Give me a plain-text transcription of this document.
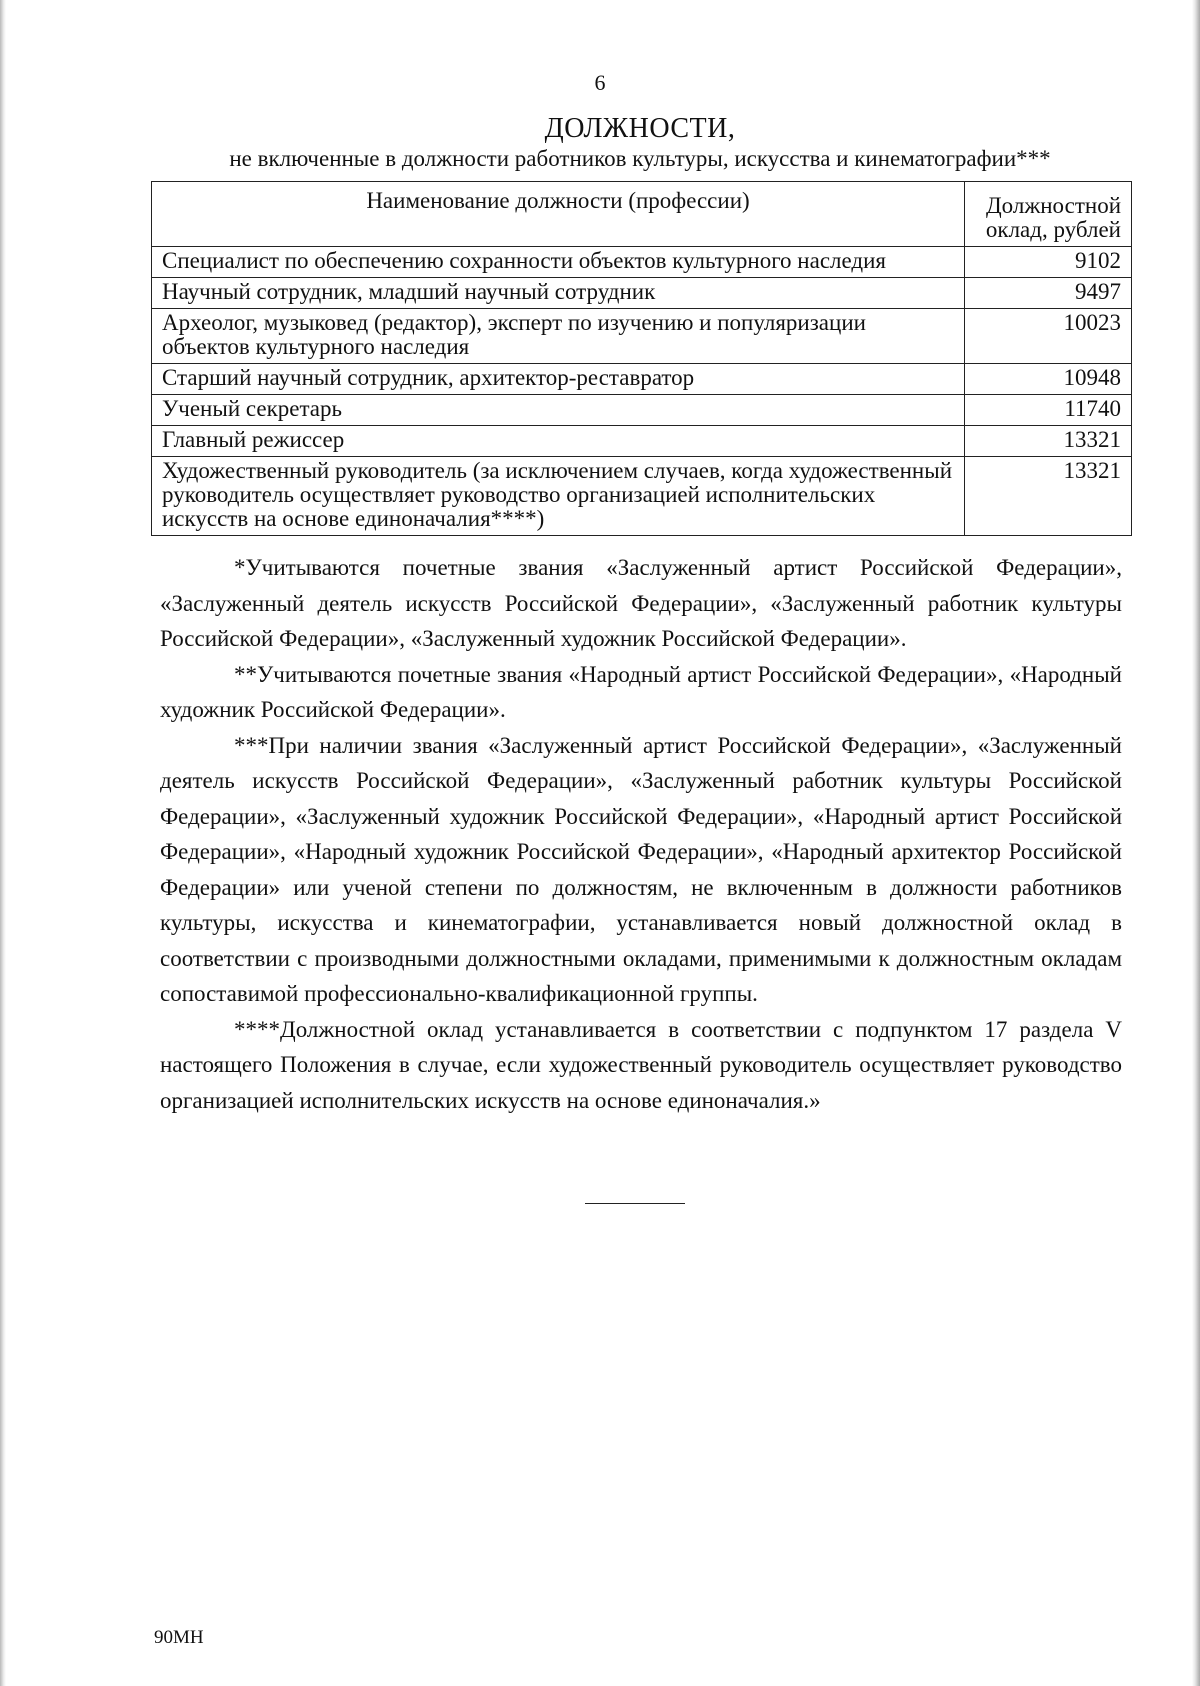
6
ДОЛЖНОСТИ,
не включенные в должности работников культуры, искусства и кинематографии***
Наименование должности (профессии)	Должностной оклад, рублей
Специалист по обеспечению сохранности объектов культурного наследия	9102
Научный сотрудник, младший научный сотрудник	9497
Археолог, музыковед (редактор), эксперт по изучению и популяризации объектов культурного наследия	10023
Старший научный сотрудник, архитектор-реставратор	10948
Ученый секретарь	11740
Главный режиссер	13321
Художественный руководитель (за исключением случаев, когда художественный руководитель осуществляет руководство организацией исполнительских искусств на основе единоначалия****)	13321

*Учитываются почетные звания «Заслуженный артист Российской Федерации», «Заслуженный деятель искусств Российской Федерации», «Заслуженный работник культуры Российской Федерации», «Заслуженный художник Российской Федерации».

**Учитываются почетные звания «Народный артист Российской Федерации», «Народный художник Российской Федерации».

***При наличии звания «Заслуженный артист Российской Федерации», «Заслуженный деятель искусств Российской Федерации», «Заслуженный работник культуры Российской Федерации», «Заслуженный художник Российской Федерации», «Народный артист Российской Федерации», «Народный художник Российской Федерации», «Народный архитектор Российской Федерации» или ученой степени по должностям, не включенным в должности работников культуры, искусства и кинематографии, устанавливается новый должностной оклад в соответствии с производными должностными окладами, применимыми к должностным окладам сопоставимой профессионально-квалификационной группы.

****Должностной оклад устанавливается в соответствии с подпунктом 17 раздела V настоящего Положения в случае, если художественный руководитель осуществляет руководство организацией исполнительских искусств на основе единоначалия.»

90МН
